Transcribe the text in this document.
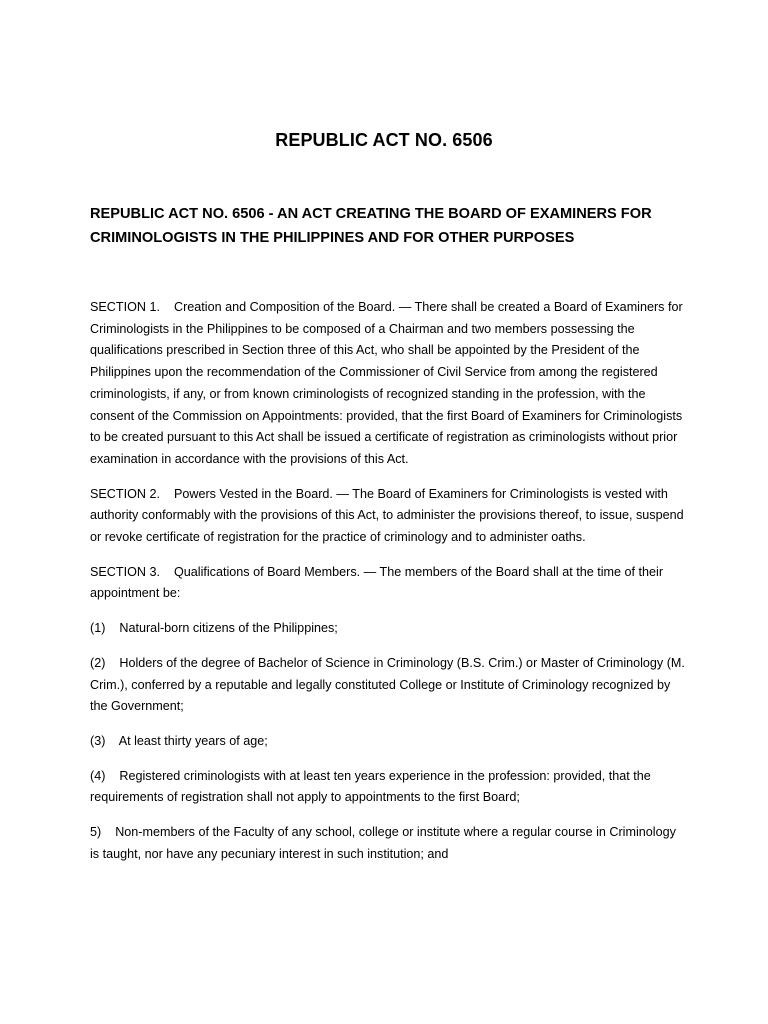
REPUBLIC ACT NO. 6506
REPUBLIC ACT NO. 6506 - AN ACT CREATING THE BOARD OF EXAMINERS FOR CRIMINOLOGISTS IN THE PHILIPPINES AND FOR OTHER PURPOSES

SECTION 1.    Creation and Composition of the Board. — There shall be created a Board of Examiners for Criminologists in the Philippines to be composed of a Chairman and two members possessing the qualifications prescribed in Section three of this Act, who shall be appointed by the President of the Philippines upon the recommendation of the Commissioner of Civil Service from among the registered criminologists, if any, or from known criminologists of recognized standing in the profession, with the consent of the Commission on Appointments: provided, that the first Board of Examiners for Criminologists to be created pursuant to this Act shall be issued a certificate of registration as criminologists without prior examination in accordance with the provisions of this Act.

SECTION 2.    Powers Vested in the Board. — The Board of Examiners for Criminologists is vested with authority conformably with the provisions of this Act, to administer the provisions thereof, to issue, suspend or revoke certificate of registration for the practice of criminology and to administer oaths.

SECTION 3.    Qualifications of Board Members. — The members of the Board shall at the time of their appointment be:

(1)    Natural-born citizens of the Philippines;

(2)    Holders of the degree of Bachelor of Science in Criminology (B.S. Crim.) or Master of Criminology (M. Crim.), conferred by a reputable and legally constituted College or Institute of Criminology recognized by the Government;

(3)    At least thirty years of age;

(4)    Registered criminologists with at least ten years experience in the profession: provided, that the requirements of registration shall not apply to appointments to the first Board;

5)    Non-members of the Faculty of any school, college or institute where a regular course in Criminology is taught, nor have any pecuniary interest in such institution; and
